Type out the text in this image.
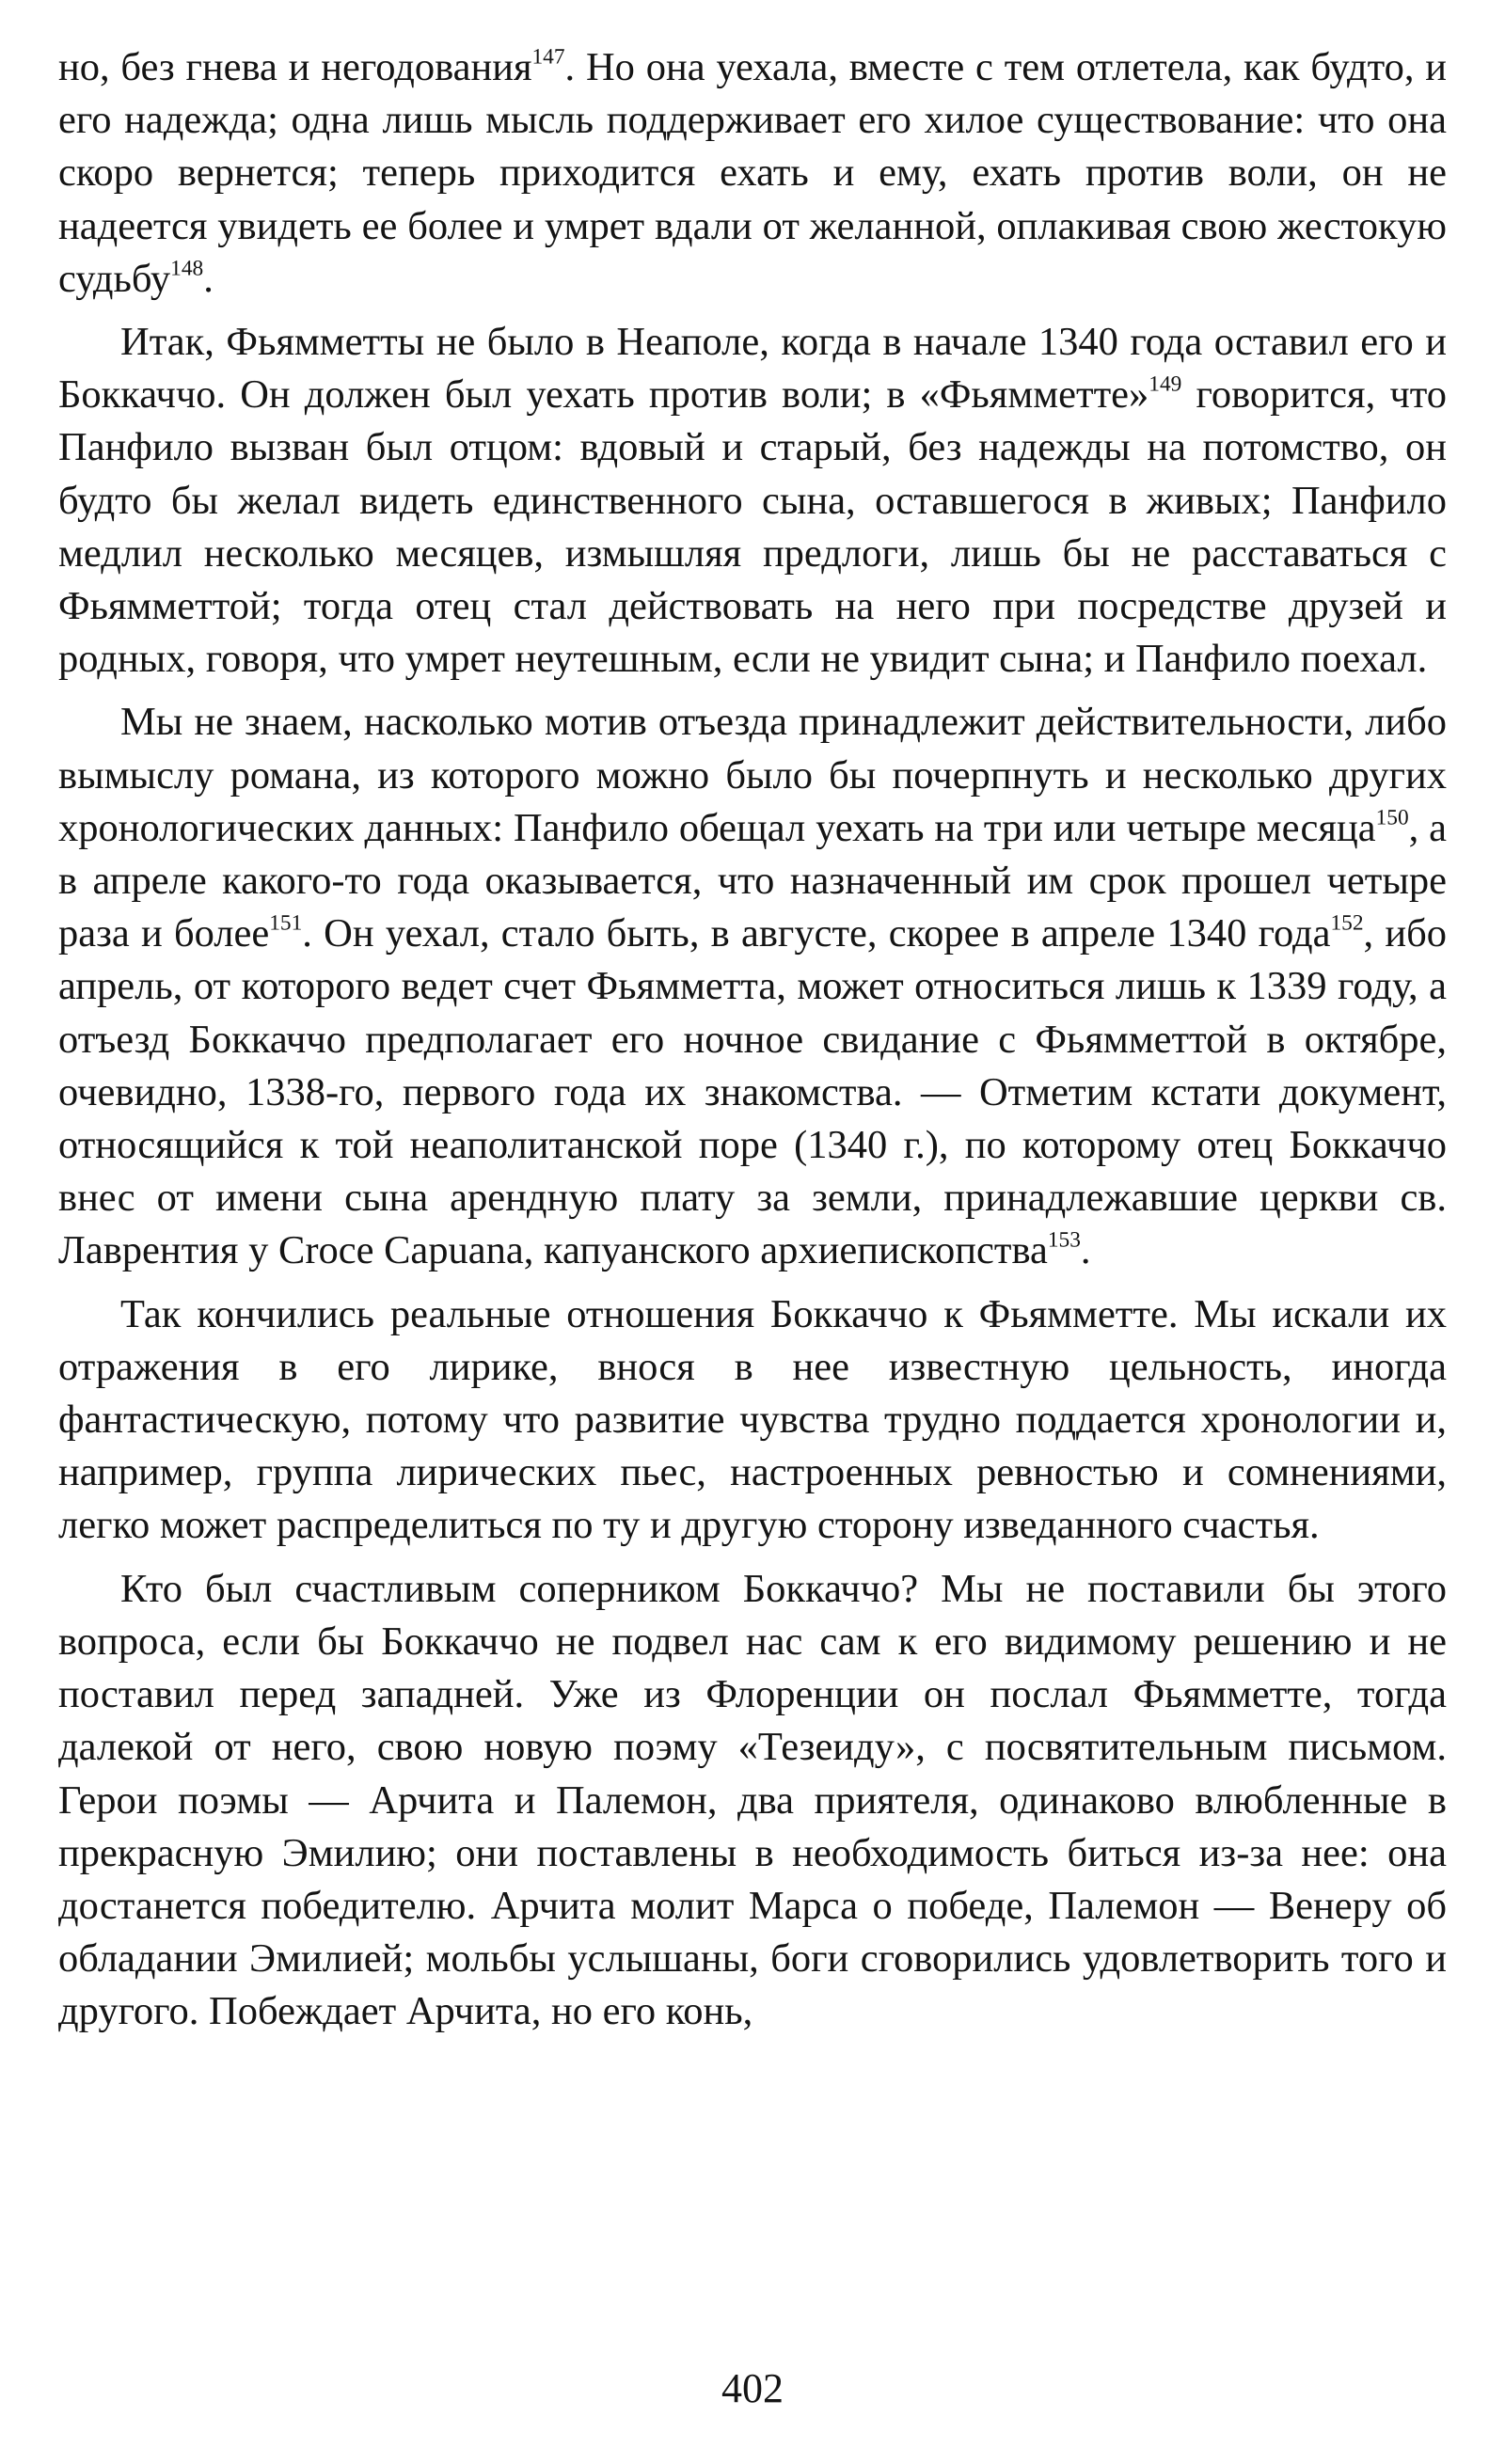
но, без гнева и негодования$^{147}$. Но она уехала, вместе с тем отлетела, как будто, и его надежда; одна лишь мысль поддерживает его хилое существование: что она скоро вернется; теперь приходится ехать и ему, ехать против воли, он не надеется увидеть ее более и умрет вдали от желанной, оплакивая свою жестокую судьбу$^{148}$.

Итак, Фьямметты не было в Неаполе, когда в начале 1340 года оставил его и Боккаччо. Он должен был уехать против воли; в «Фьямметте»$^{149}$ говорится, что Панфило вызван был отцом: вдовый и старый, без надежды на потомство, он будто бы желал видеть единственного сына, оставшегося в живых; Панфило медлил несколько месяцев, измышляя предлоги, лишь бы не расставаться с Фьямметтой; тогда отец стал действовать на него при посредстве друзей и родных, говоря, что умрет неутешным, если не увидит сына; и Панфило поехал.

Мы не знаем, насколько мотив отъезда принадлежит действительности, либо вымыслу романа, из которого можно было бы почерпнуть и несколько других хронологических данных: Панфило обещал уехать на три или четыре месяца$^{150}$, а в апреле какого-то года оказывается, что назначенный им срок прошел четыре раза и более$^{151}$. Он уехал, стало быть, в августе, скорее в апреле 1340 года$^{152}$, ибо апрель, от которого ведет счет Фьямметта, может относиться лишь к 1339 году, а отъезд Боккаччо предполагает его ночное свидание с Фьямметтой в октябре, очевидно, 1338-го, первого года их знакомства. — Отметим кстати документ, относящийся к той неаполитанской поре (1340 г.), по которому отец Боккаччо внес от имени сына арендную плату за земли, принадлежавшие церкви св. Лаврентия у Croce Capuana, капуанского архиепископства$^{153}$.

Так кончились реальные отношения Боккаччо к Фьямметте. Мы искали их отражения в его лирике, внося в нее известную цельность, иногда фантастическую, потому что развитие чувства трудно поддается хронологии и, например, группа лирических пьес, настроенных ревностью и сомнениями, легко может распределиться по ту и другую сторону изведанного счастья.

Кто был счастливым соперником Боккаччо? Мы не поставили бы этого вопроса, если бы Боккаччо не подвел нас сам к его видимому решению и не поставил перед западней. Уже из Флоренции он послал Фьямметте, тогда далекой от него, свою новую поэму «Тезеиду», с посвятительным письмом. Герои поэмы — Арчита и Палемон, два приятеля, одинаково влюбленные в прекрасную Эмилию; они поставлены в необходимость биться из-за нее: она достанется победителю. Арчита молит Марса о победе, Палемон — Венеру об обладании Эмилией; мольбы услышаны, боги сговорились удовлетворить того и другого. Побеждает Арчита, но его конь,

402
